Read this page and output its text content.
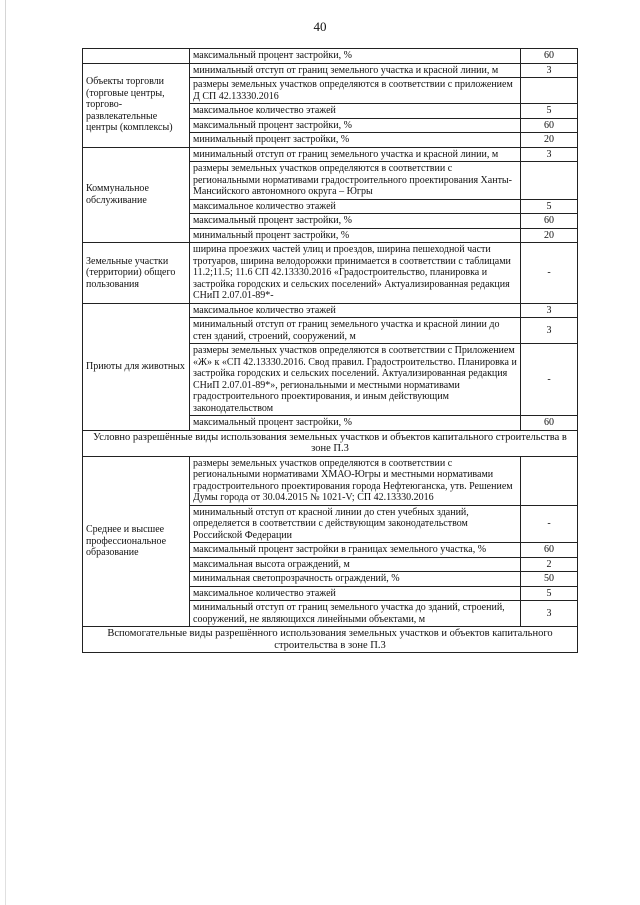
40
	максимальный процент застройки, %	60
Объекты торговли (торговые центры, торгово-развлекательные центры (комплексы)	минимальный отступ от границ земельного участка и красной линии, м	3
	размеры земельных участков определяются в соответствии с приложением Д СП 42.13330.2016	
	максимальное количество этажей	5
	максимальный процент застройки, %	60
	минимальный процент застройки, %	20
Коммунальное обслуживание	минимальный отступ от границ земельного участка и красной линии, м	3
	размеры земельных участков определяются в соответствии с региональными нормативами градостроительного проектирования Ханты-Мансийского автономного округа – Югры	
	максимальное количество этажей	5
	максимальный процент застройки, %	60
	минимальный процент застройки, %	20
Земельные участки (территории) общего пользования	ширина проезжих частей улиц и проездов, ширина пешеходной части тротуаров, ширина велодорожки принимается в соответствии с таблицами 11.2;11.5; 11.6 СП 42.13330.2016 «Градостроительство, планировка и застройка городских и сельских поселений» Актуализированная редакция СНиП 2.07.01-89*-	-
Приюты для животных	максимальное количество этажей	3
	минимальный отступ от границ земельного участка и красной линии до стен зданий, строений, сооружений, м	3
	размеры земельных участков определяются в соответствии с Приложением «Ж» к «СП 42.13330.2016. Свод правил. Градостроительство. Планировка и застройка городских и сельских поселений. Актуализированная редакция СНиП 2.07.01-89*», региональными и местными нормативами градостроительного проектирования, и иным действующим законодательством	-
	максимальный процент застройки, %	60
Условно разрешённые виды использования земельных участков и объектов капитального строительства в зоне П.3		
Среднее и высшее профессиональное образование	размеры земельных участков определяются в соответствии с региональными нормативами ХМАО-Югры и местными нормативами градостроительного проектирования города Нефтеюганска, утв. Решением Думы города от 30.04.2015 № 1021-V; СП 42.13330.2016	
	минимальный отступ от красной линии до стен учебных зданий, определяется в соответствии с действующим законодательством Российской Федерации	-
	максимальный процент застройки в границах земельного участка, %	60
	максимальная высота ограждений, м	2
	минимальная светопрозрачность ограждений, %	50
	максимальное количество этажей	5
	минимальный отступ от границ земельного участка до зданий, строений, сооружений, не являющихся линейными объектами, м	3
Вспомогательные виды разрешённого использования земельных участков и объектов капитального строительства в зоне П.3		
